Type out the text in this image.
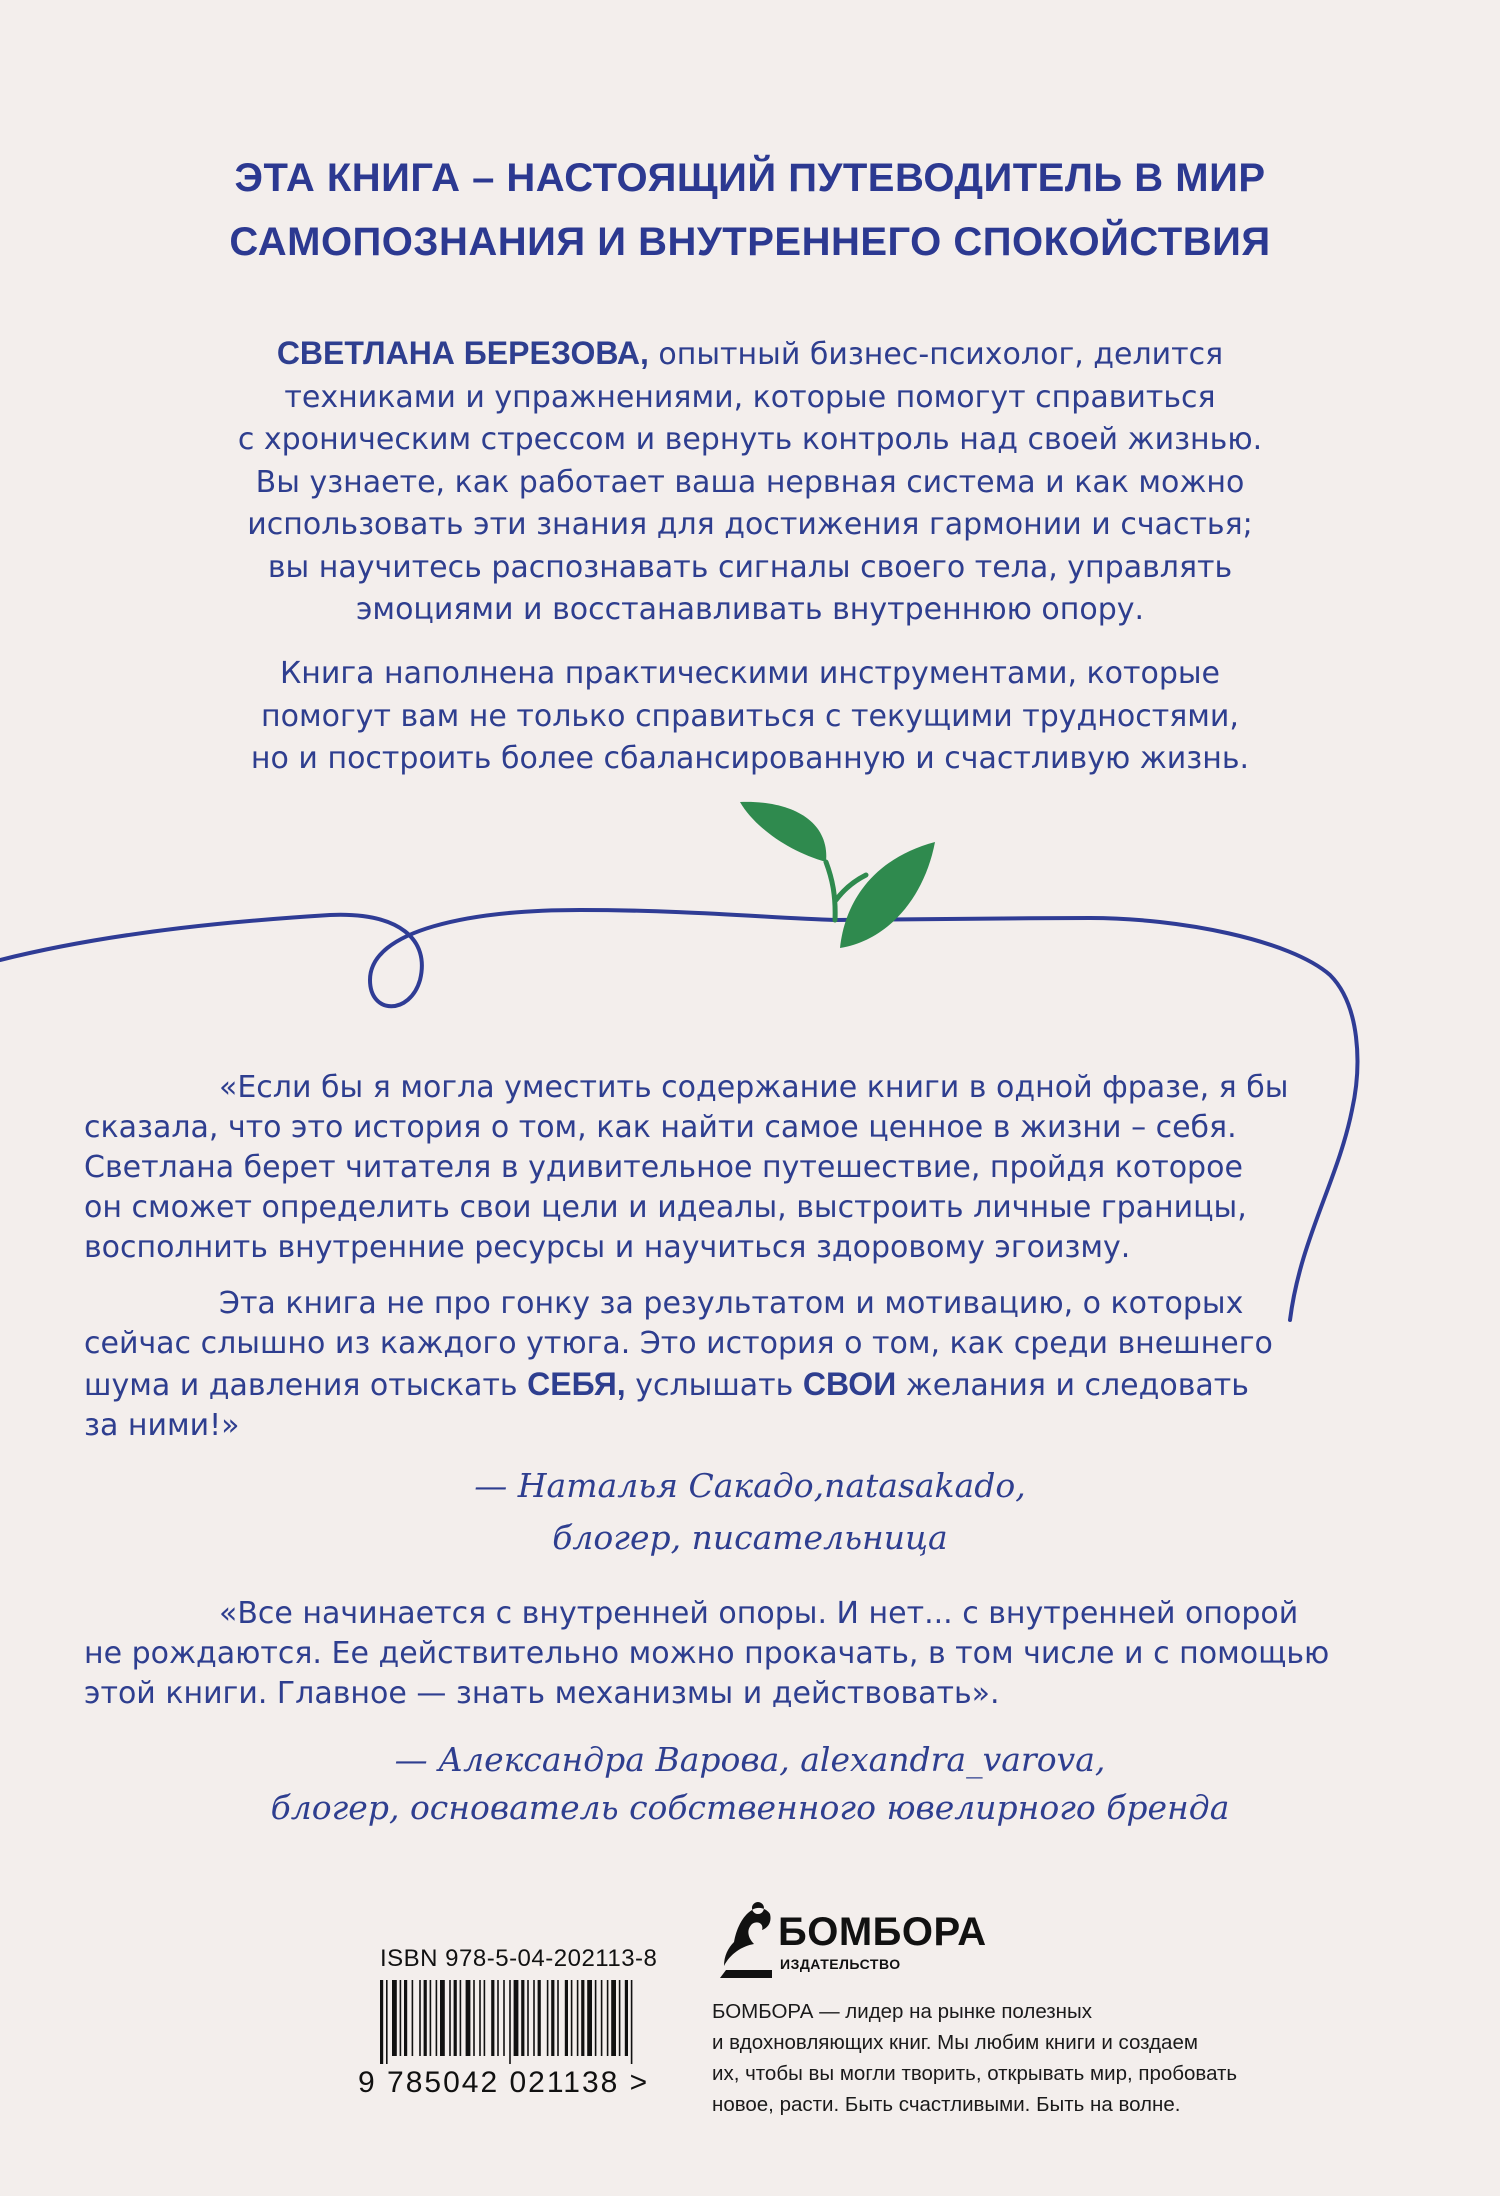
ЭТА КНИГА – НАСТОЯЩИЙ ПУТЕВОДИТЕЛЬ В МИР
САМОПОЗНАНИЯ И ВНУТРЕННЕГО СПОКОЙСТВИЯ
СВЕТЛАНА БЕРЕЗОВА, опытный бизнес-психолог, делится
техниками и упражнениями, которые помогут справиться
с хроническим стрессом и вернуть контроль над своей жизнью.
Вы узнаете, как работает ваша нервная система и как можно
использовать эти знания для достижения гармонии и счастья;
вы научитесь распознавать сигналы своего тела, управлять
эмоциями и восстанавливать внутреннюю опору.
Книга наполнена практическими инструментами, которые
помогут вам не только справиться с текущими трудностями,
но и построить более сбалансированную и счастливую жизнь.
«Если бы я могла уместить содержание книги в одной фразе, я бы
сказала, что это история о том, как найти самое ценное в жизни – себя.
Светлана берет читателя в удивительное путешествие, пройдя которое
он сможет определить свои цели и идеалы, выстроить личные границы,
восполнить внутренние ресурсы и научиться здоровому эгоизму.
Эта книга не про гонку за результатом и мотивацию, о которых
сейчас слышно из каждого утюга. Это история о том, как среди внешнего
шума и давления отыскать СЕБЯ, услышать СВОИ желания и следовать
за ними!»
— Наталья Сакадо,natasakado,
блогер, писательница
«Все начинается с внутренней опоры. И нет... с внутренней опорой
не рождаются. Ее действительно можно прокачать, в том числе и с помощью
этой книги. Главное — знать механизмы и действовать».
— Александра Варова, alexandra_varova,
блогер, основатель собственного ювелирного бренда
ISBN 978-5-04-202113-8
9 785042 021138 >
БОМБОРА
ИЗДАТЕЛЬСТВО
БОМБОРА — лидер на рынке полезных
и вдохновляющих книг. Мы любим книги и создаем
их, чтобы вы могли творить, открывать мир, пробовать
новое, расти. Быть счастливыми. Быть на волне.
